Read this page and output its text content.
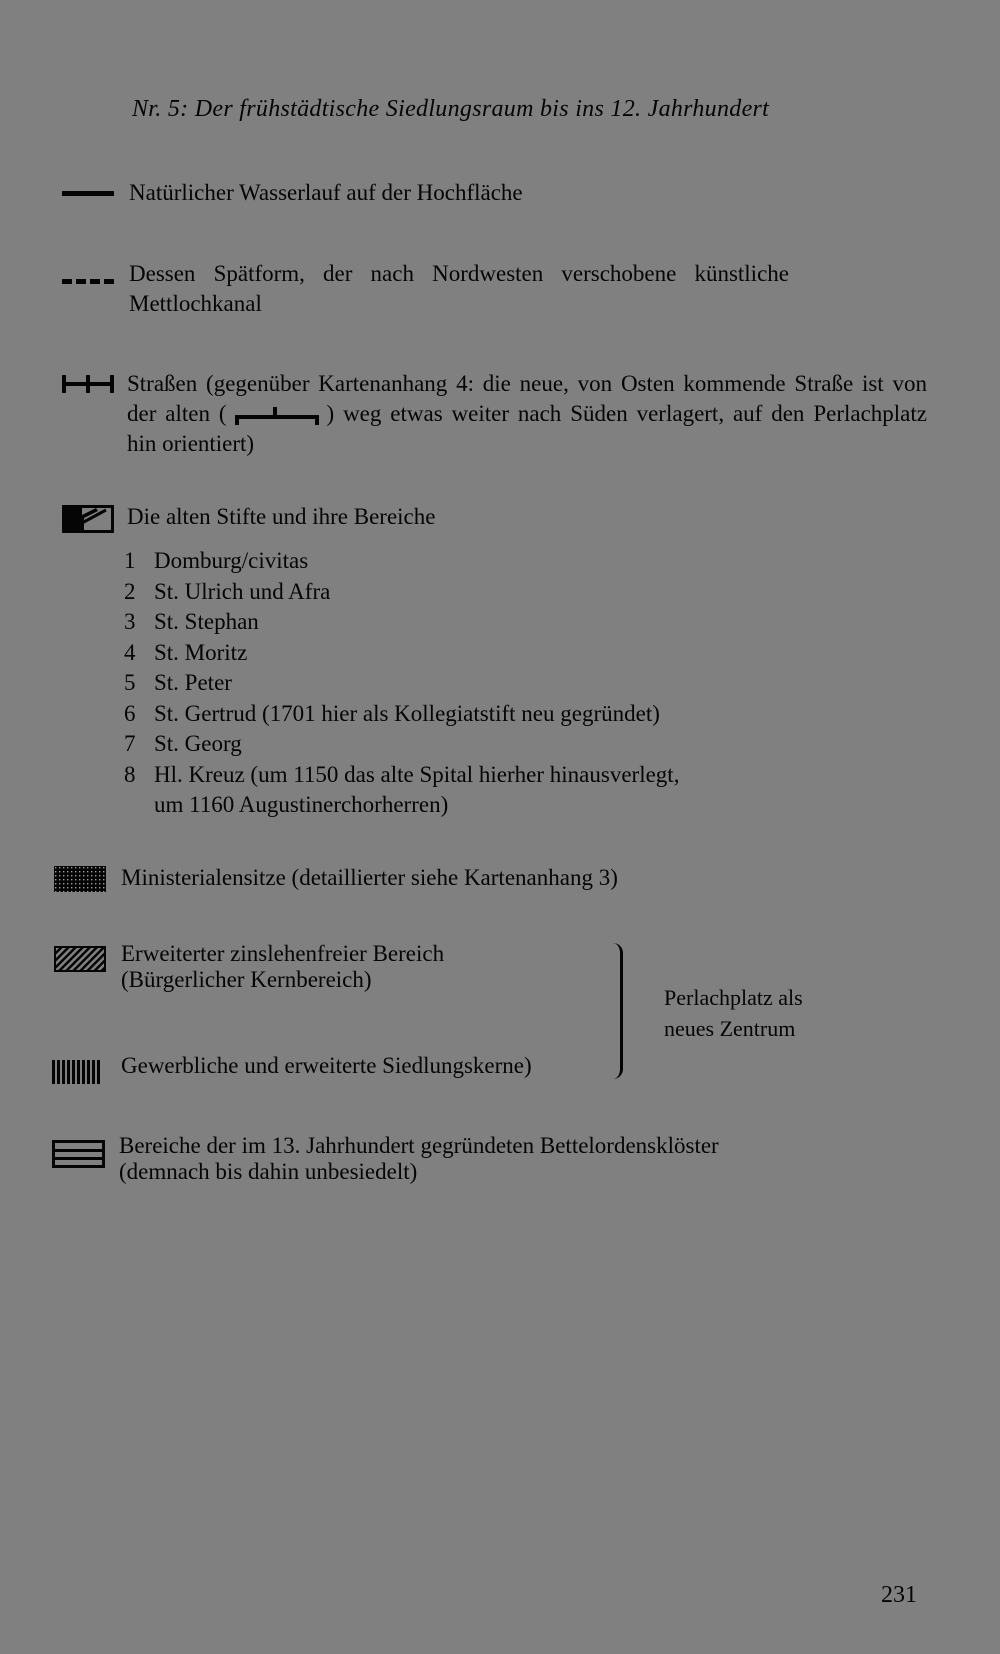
Nr. 5: Der frühstädtische Siedlungsraum bis ins 12. Jahrhundert
Natürlicher Wasserlauf auf der Hochfläche
Dessen Spätform, der nach Nordwesten verschobene künstliche Mettlochkanal
Straßen (gegenüber Kartenanhang 4: die neue, von Osten kommende Straße ist von der alten (	) weg etwas weiter nach Süden verlagert, auf den Perlachplatz hin orientiert)
Die alten Stifte und ihre Bereiche
1 Domburg/civitas
2 St. Ulrich und Afra
3 St. Stephan
4 St. Moritz
5 St. Peter
6 St. Gertrud (1701 hier als Kollegiatstift neu gegründet)
7 St. Georg
8 Hl. Kreuz (um 1150 das alte Spital hierher hinausverlegt,
um 1160 Augustinerchorherren)
Ministerialensitze (detaillierter siehe Kartenanhang 3)
Erweiterter zinslehenfreier Bereich
(Bürgerlicher Kernbereich)
Gewerbliche und erweiterte Siedlungskerne)
Perlachplatz als
neues Zentrum
Bereiche der im 13. Jahrhundert gegründeten Bettelordensklöster
(demnach bis dahin unbesiedelt)
231
